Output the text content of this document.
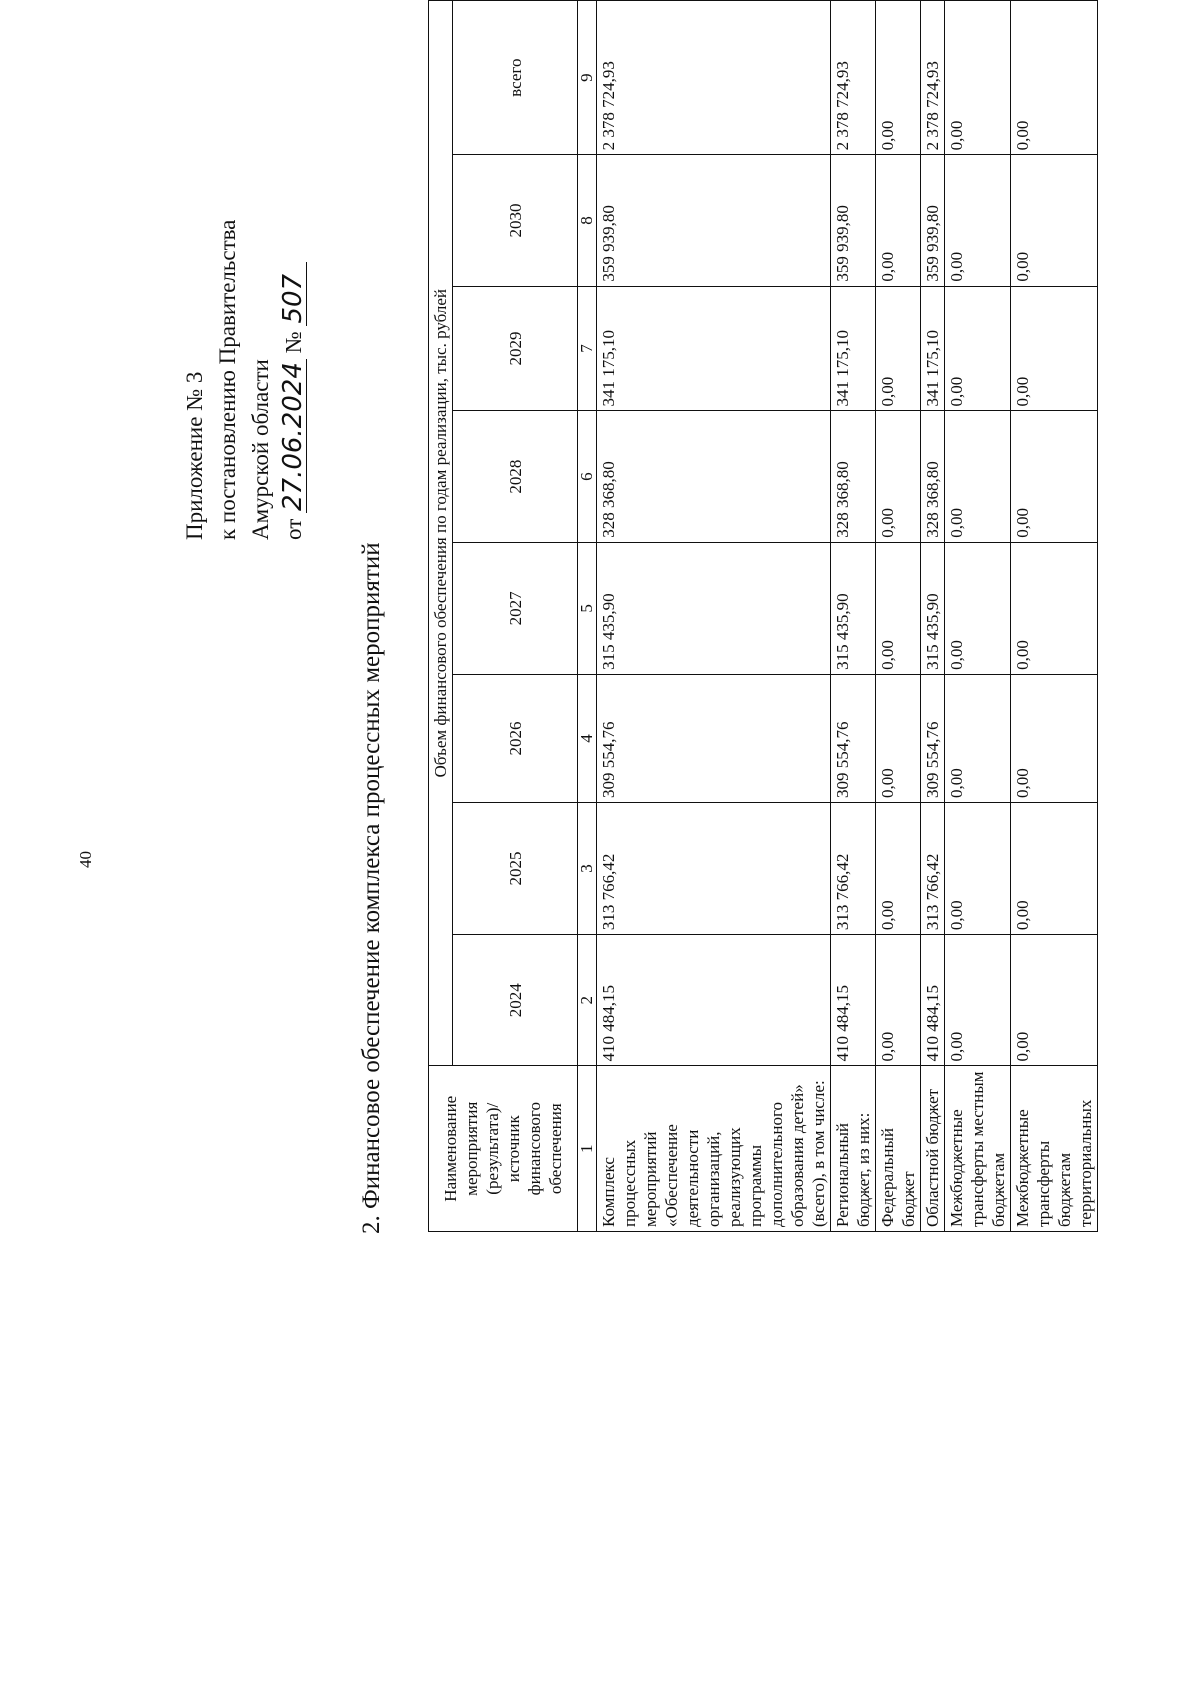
40
Приложение № 3 к постановлению Правительства Амурской области от 27.06.2024 № 507
2. Финансовое обеспечение комплекса процессных мероприятий	Наименование мероприятия (результата)/источник финансового обеспечения	Объем финансового обеспечения по годам реализации, тыс. рублей							
	2024	2025	2026	2027	2028	2029	2030	всего
1	2	3	4	5	6	7	8	9
Комплекс процессных мероприятий «Обеспечение деятельности организаций, реализующих программы дополнительного образования детей» (всего), в том числе:	410 484,15	313 766,42	309 554,76	315 435,90	328 368,80	341 175,10	359 939,80	2 378 724,93
Региональный бюджет, из них:	410 484,15	313 766,42	309 554,76	315 435,90	328 368,80	341 175,10	359 939,80	2 378 724,93
Федеральный бюджет	0,00	0,00	0,00	0,00	0,00	0,00	0,00	0,00
Областной бюджет	410 484,15	313 766,42	309 554,76	315 435,90	328 368,80	341 175,10	359 939,80	2 378 724,93
Межбюджетные трансферты местным бюджетам	0,00	0,00	0,00	0,00	0,00	0,00	0,00	0,00
Межбюджетные трансферты бюджетам территориальных	0,00	0,00	0,00	0,00	0,00	0,00	0,00	0,00
